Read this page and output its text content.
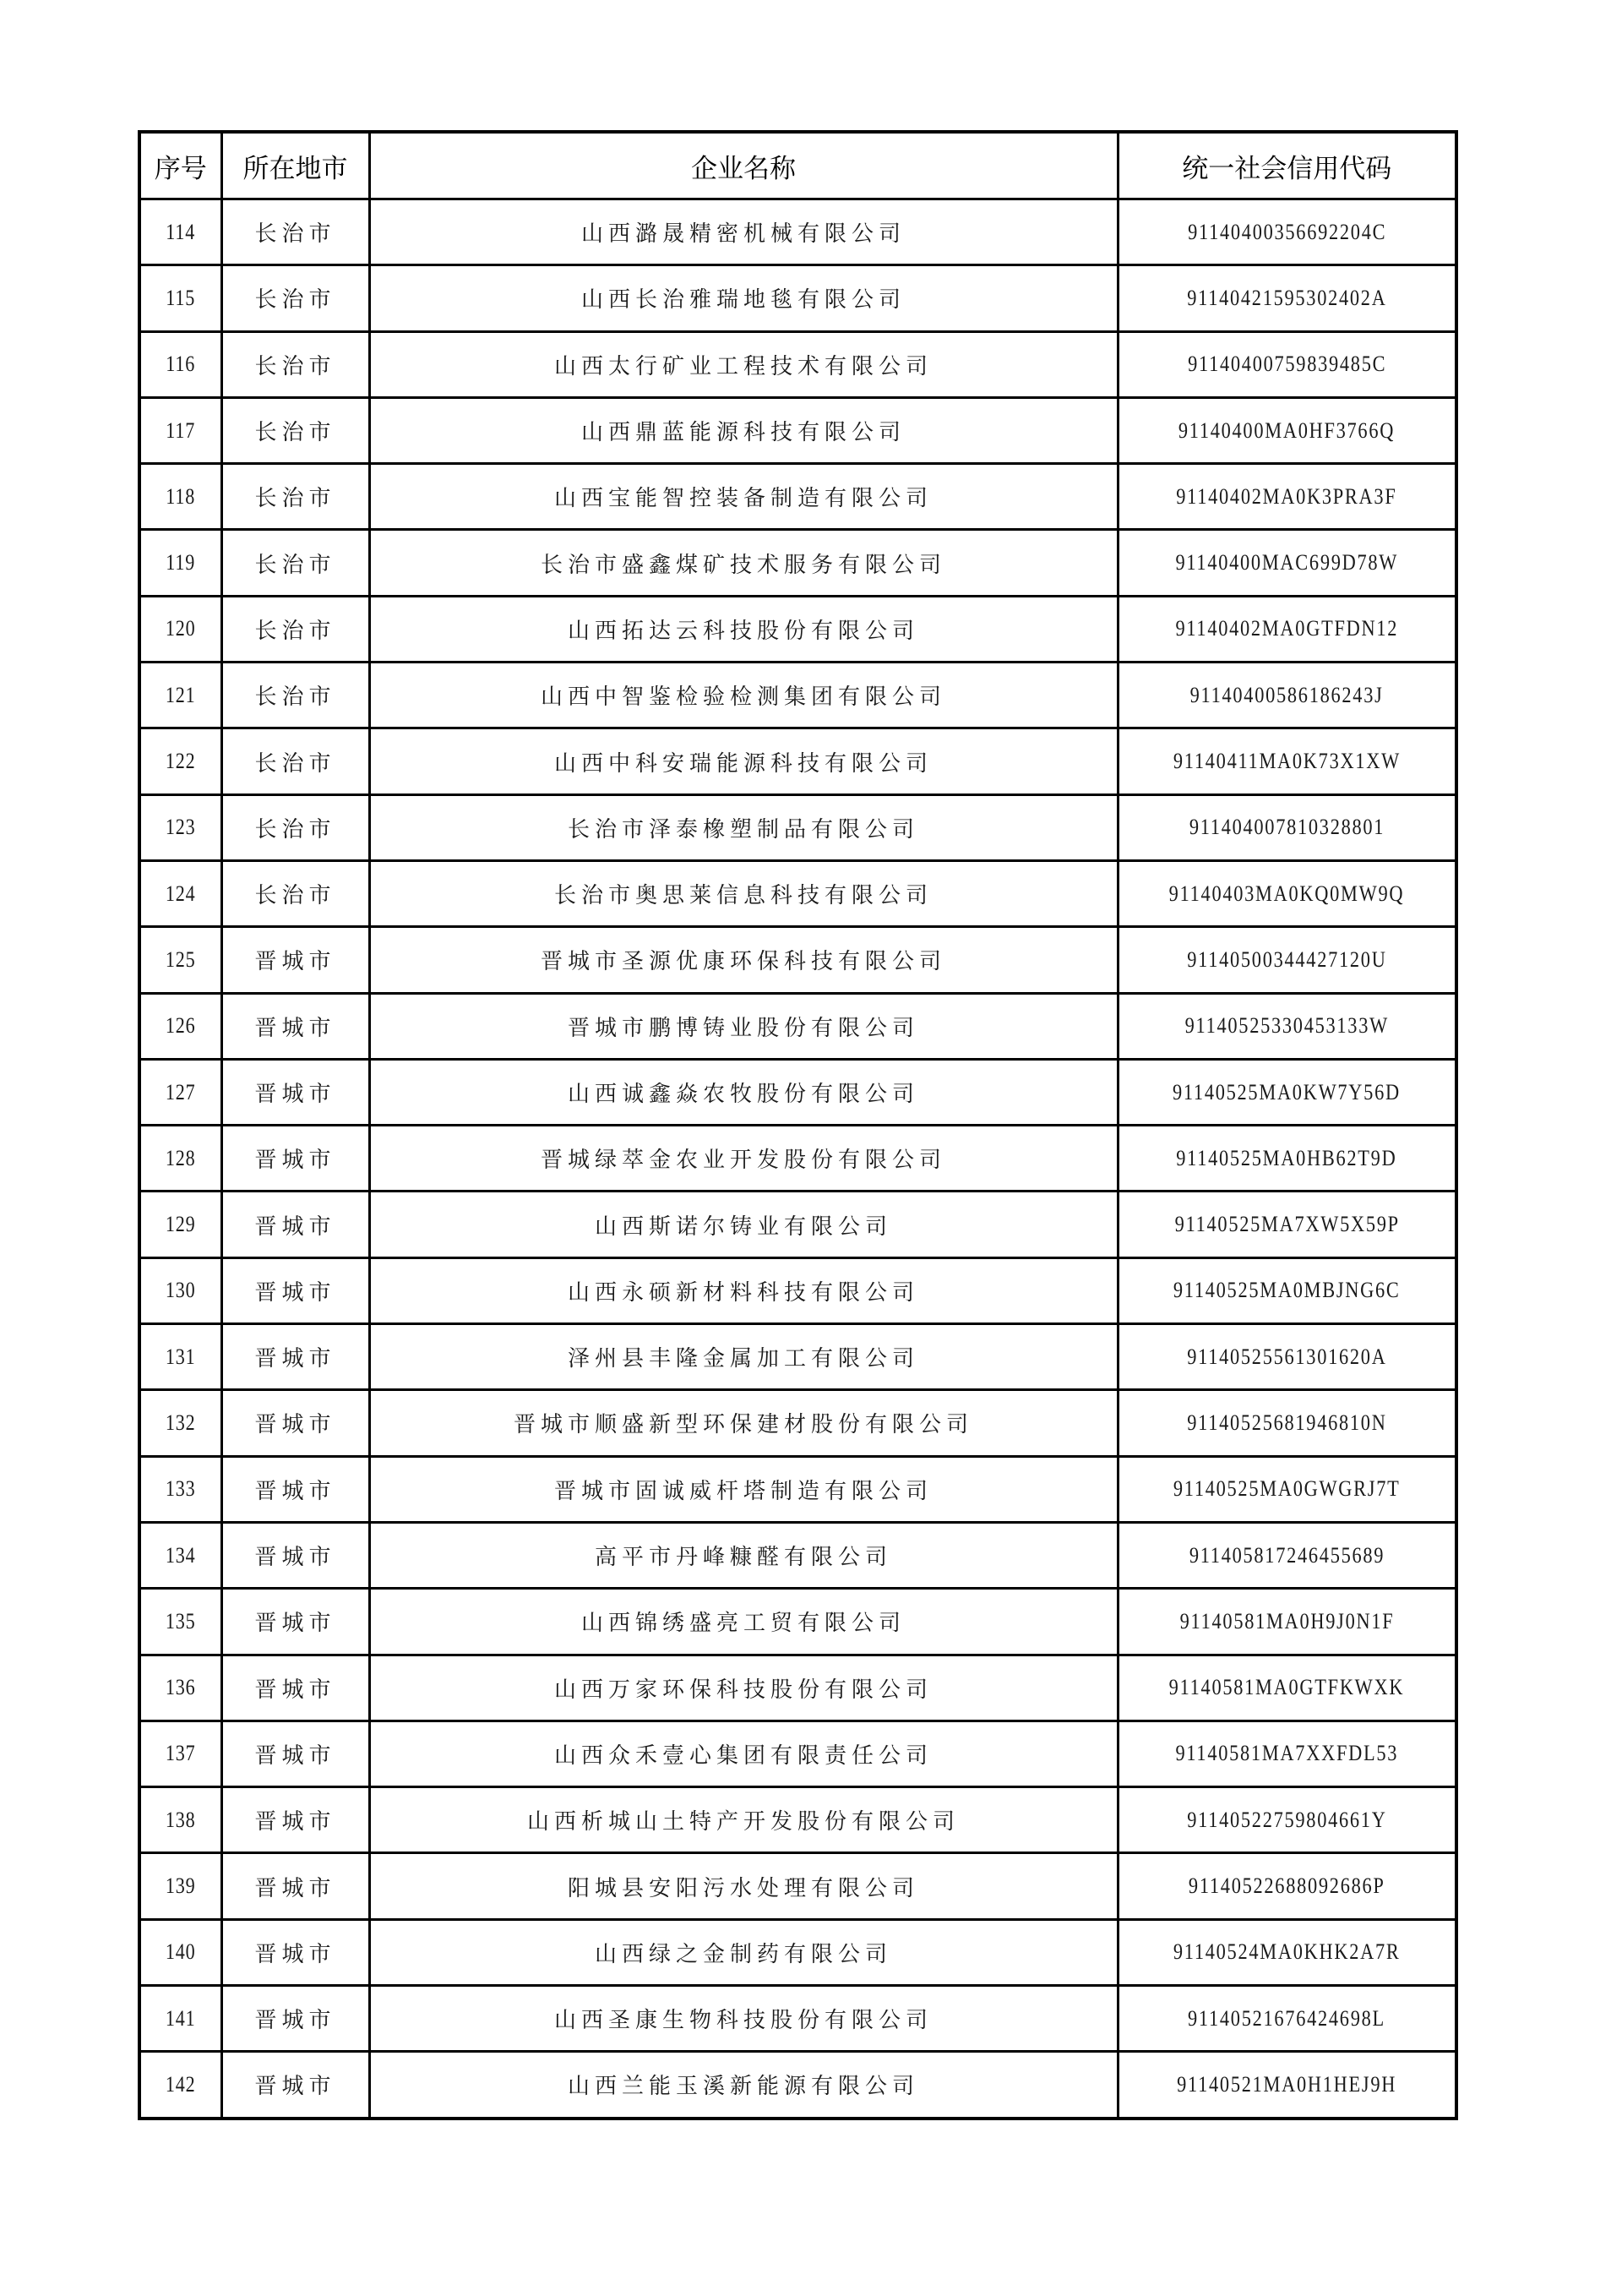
序号	所在地市	企业名称	统一社会信用代码
114	长治市	山西潞晟精密机械有限公司	91140400356692204C
115	长治市	山西长治雅瑞地毯有限公司	91140421595302402A
116	长治市	山西太行矿业工程技术有限公司	91140400759839485C
117	长治市	山西鼎蓝能源科技有限公司	91140400MA0HF3766Q
118	长治市	山西宝能智控装备制造有限公司	91140402MA0K3PRA3F
119	长治市	长治市盛鑫煤矿技术服务有限公司	91140400MAC699D78W
120	长治市	山西拓达云科技股份有限公司	91140402MA0GTFDN12
121	长治市	山西中智鉴检验检测集团有限公司	91140400586186243J
122	长治市	山西中科安瑞能源科技有限公司	91140411MA0K73X1XW
123	长治市	长治市泽泰橡塑制品有限公司	911404007810328801
124	长治市	长治市奥思莱信息科技有限公司	91140403MA0KQ0MW9Q
125	晋城市	晋城市圣源优康环保科技有限公司	91140500344427120U
126	晋城市	晋城市鹏博铸业股份有限公司	91140525330453133W
127	晋城市	山西诚鑫焱农牧股份有限公司	91140525MA0KW7Y56D
128	晋城市	晋城绿萃金农业开发股份有限公司	91140525MA0HB62T9D
129	晋城市	山西斯诺尔铸业有限公司	91140525MA7XW5X59P
130	晋城市	山西永硕新材料科技有限公司	91140525MA0MBJNG6C
131	晋城市	泽州县丰隆金属加工有限公司	91140525561301620A
132	晋城市	晋城市顺盛新型环保建材股份有限公司	91140525681946810N
133	晋城市	晋城市固诚威杆塔制造有限公司	91140525MA0GWGRJ7T
134	晋城市	高平市丹峰糠醛有限公司	911405817246455689
135	晋城市	山西锦绣盛亮工贸有限公司	91140581MA0H9J0N1F
136	晋城市	山西万家环保科技股份有限公司	91140581MA0GTFKWXK
137	晋城市	山西众禾壹心集团有限责任公司	91140581MA7XXFDL53
138	晋城市	山西析城山土特产开发股份有限公司	91140522759804661Y
139	晋城市	阳城县安阳污水处理有限公司	91140522688092686P
140	晋城市	山西绿之金制药有限公司	91140524MA0KHK2A7R
141	晋城市	山西圣康生物科技股份有限公司	91140521676424698L
142	晋城市	山西兰能玉溪新能源有限公司	91140521MA0H1HEJ9H
